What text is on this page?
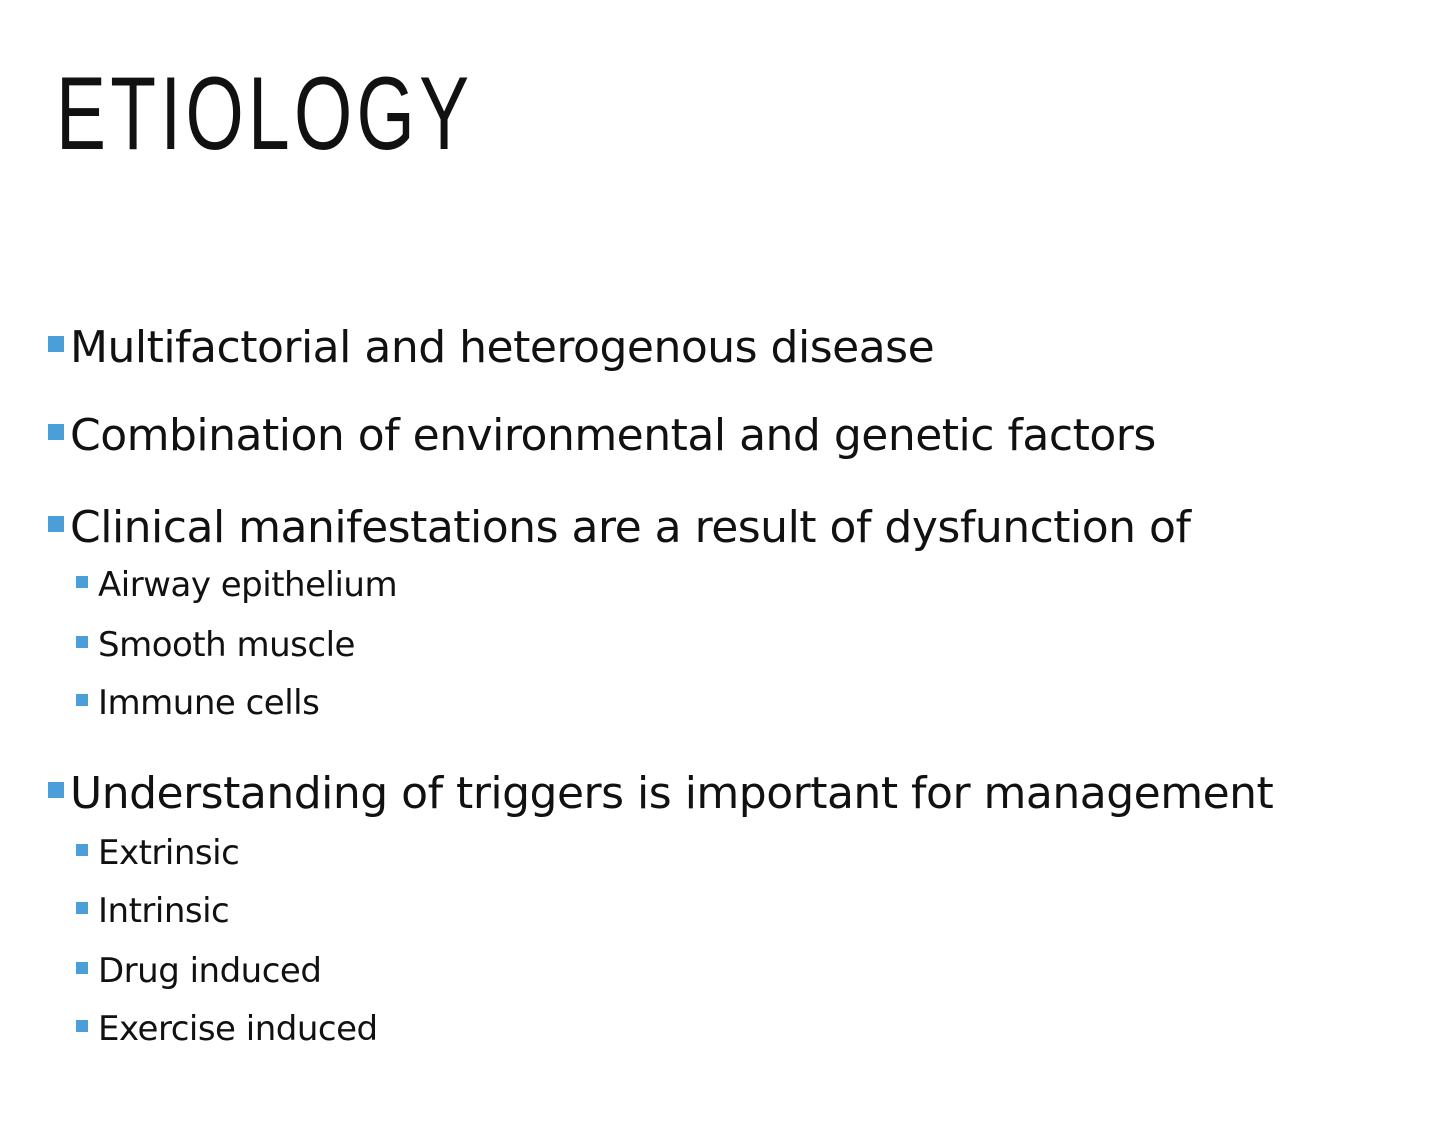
ETIOLOGY
Multifactorial and heterogenous disease
Combination of environmental and genetic factors
Clinical manifestations are a result of dysfunction of
Airway epithelium
Smooth muscle
Immune cells
Understanding of triggers is important for management
Extrinsic
Intrinsic
Drug induced
Exercise induced
